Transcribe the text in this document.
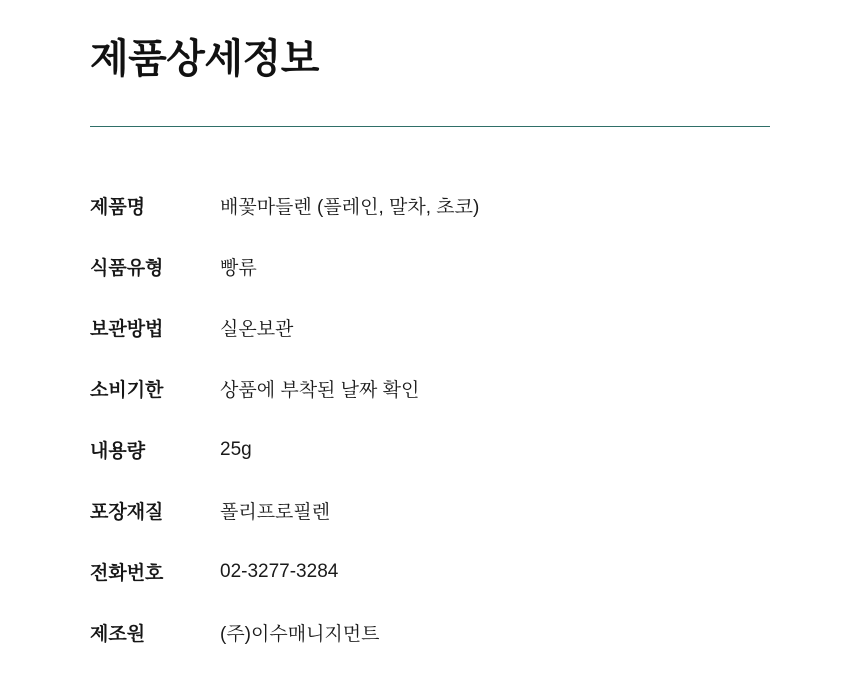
제품상세정보
제품명	배꽃마들렌 (플레인, 말차, 초코)
식품유형	빵류
보관방법	실온보관
소비기한	상품에 부착된 날짜 확인
내용량	25g
포장재질	폴리프로필렌
전화번호	02-3277-3284
제조원	(주)이수매니지먼트
